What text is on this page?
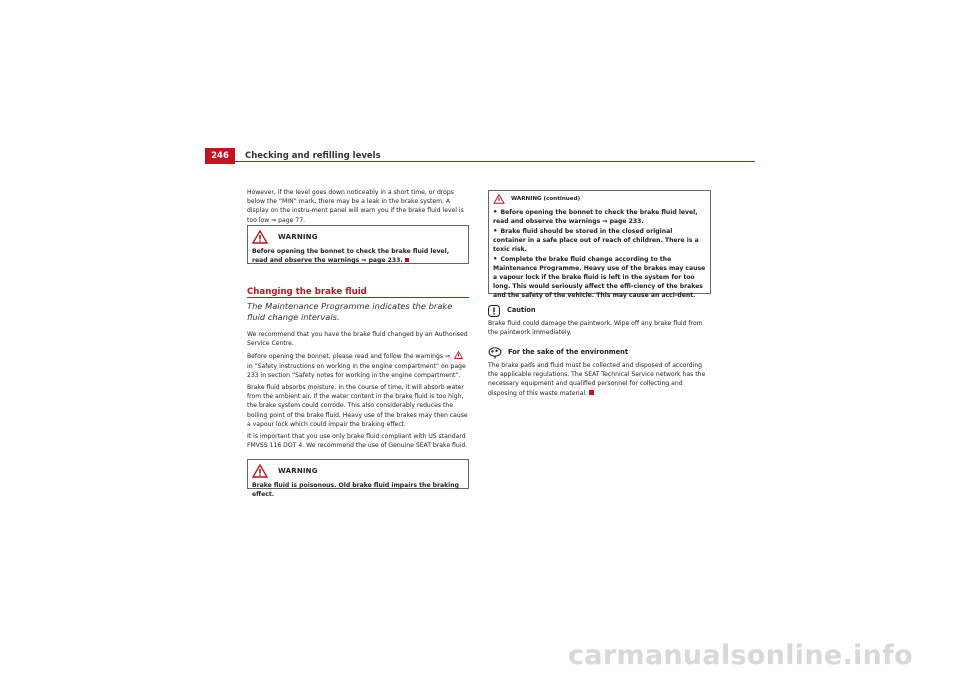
246	Checking and refilling levels

However, if the level goes down noticeably in a short time, or drops below the “MIN” mark, there may be a leak in the brake system. A display on the instru-ment panel will warn you if the brake fluid level is too low ⇒ page 77.

WARNING
Before opening the bonnet to check the brake fluid level, read and observe the warnings ⇒ page 233.
Changing the brake fluid
The Maintenance Programme indicates the brake fluid change intervals.

We recommend that you have the brake fluid changed by an Authorised Service Centre.

Before opening the bonnet, please read and follow the warnings ⇒ in “Safety instructions on working in the engine compartment” on page 233 in section “Safety notes for working in the engine compartment”.

Brake fluid absorbs moisture. In the course of time, it will absorb water from the ambient air. If the water content in the brake fluid is too high, the brake system could corrode. This also considerably reduces the boiling point of the brake fluid. Heavy use of the brakes may then cause a vapour lock which could impair the braking effect.

It is important that you use only brake fluid compliant with US standard FMVSS 116 DOT 4. We recommend the use of Genuine SEAT brake fluid.

WARNING
Brake fluid is poisonous. Old brake fluid impairs the braking effect.
WARNING (continued)
• Before opening the bonnet to check the brake fluid level, read and observe the warnings ⇒ page 233.
• Brake fluid should be stored in the closed original container in a safe place out of reach of children. There is a toxic risk.
• Complete the brake fluid change according to the Maintenance Programme. Heavy use of the brakes may cause a vapour lock if the brake fluid is left in the system for too long. This would seriously affect the effi-ciency of the brakes and the safety of the vehicle. This may cause an acci-dent.
Caution

Brake fluid could damage the paintwork. Wipe off any brake fluid from the paintwork immediately.

For the sake of the environment

The brake pads and fluid must be collected and disposed of according the applicable regulations. The SEAT Technical Service network has the necessary equipment and qualified personnel for collecting and disposing of this waste material.

carmanualsonline.info
